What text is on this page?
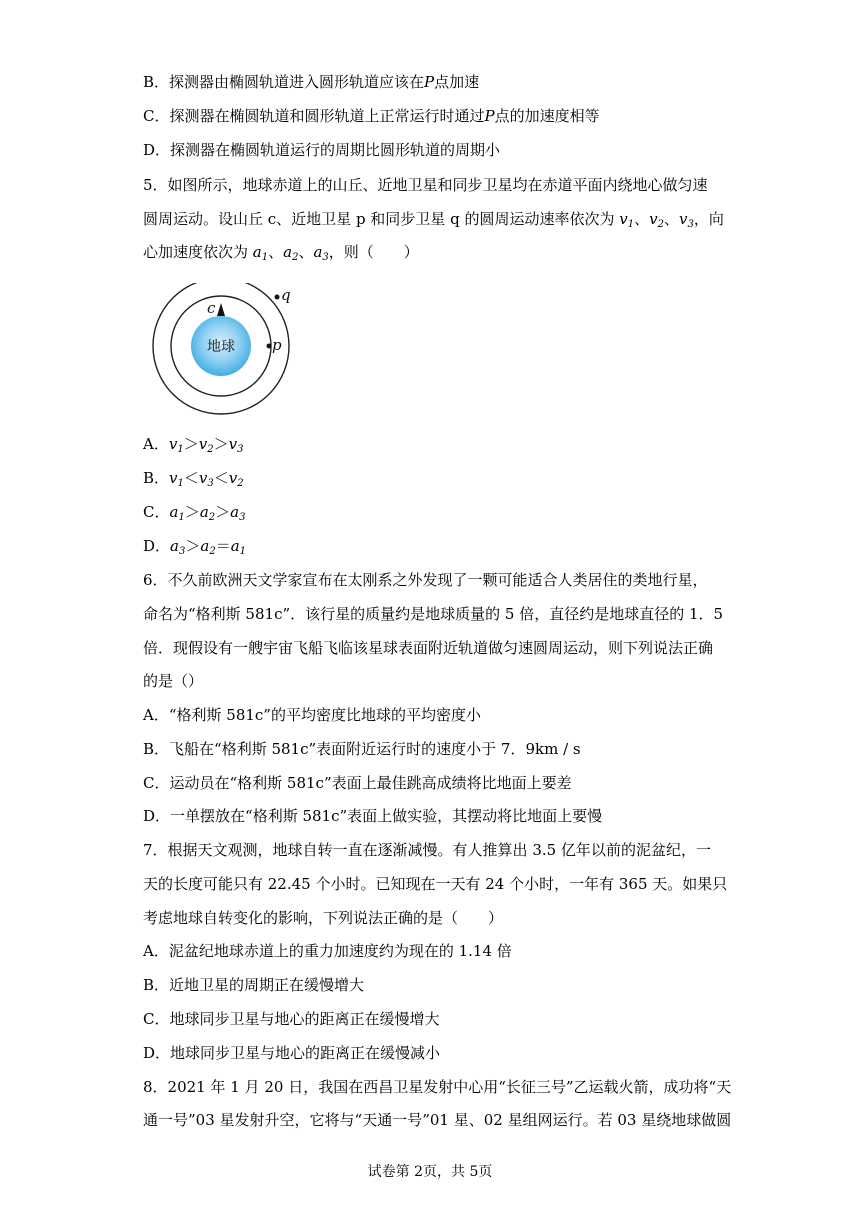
B．探测器由椭圆轨道进入圆形轨道应该在P点加速
C．探测器在椭圆轨道和圆形轨道上正常运行时通过P点的加速度相等
D．探测器在椭圆轨道运行的周期比圆形轨道的周期小
5．如图所示，地球赤道上的山丘、近地卫星和同步卫星均在赤道平面内绕地心做匀速
圆周运动。设山丘 c、近地卫星 p 和同步卫星 q 的圆周运动速率依次为 $v_1$、$v_2$、$v_3$，向
心加速度依次为 $a_1$、$a_2$、$a_3$，则（　　）
地球
c
p
q
A．$v_1>v_2>v_3$
B．$v_1<v_3<v_2$
C．$a_1>a_2>a_3$
D．$a_3>a_2=a_1$
6．不久前欧洲天文学家宣布在太刚系之外发现了一颗可能适合人类居住的类地行星，
命名为“格利斯 581c”．该行星的质量约是地球质量的 5 倍，直径约是地球直径的 1．5
倍．现假设有一艘宇宙飞船飞临该星球表面附近轨道做匀速圆周运动，则下列说法正确
的是（）
A．“格利斯 581c”的平均密度比地球的平均密度小
B．飞船在“格利斯 581c”表面附近运行时的速度小于 7．9km / s
C．运动员在“格利斯 581c”表面上最佳跳高成绩将比地面上要差
D．一单摆放在“格利斯 581c”表面上做实验，其摆动将比地面上要慢
7．根据天文观测，地球自转一直在逐渐减慢。有人推算出 3.5 亿年以前的泥盆纪，一
天的长度可能只有 22.45 个小时。已知现在一天有 24 个小时，一年有 365 天。如果只
考虑地球自转变化的影响，下列说法正确的是（　　）
A．泥盆纪地球赤道上的重力加速度约为现在的 1.14 倍
B．近地卫星的周期正在缓慢增大
C．地球同步卫星与地心的距离正在缓慢增大
D．地球同步卫星与地心的距离正在缓慢减小
8．2021 年 1 月 20 日，我国在西昌卫星发射中心用“长征三号”乙运载火箭，成功将“天
通一号”03 星发射升空，它将与“天通一号”01 星、02 星组网运行。若 03 星绕地球做圆
试卷第 2页，共 5页
